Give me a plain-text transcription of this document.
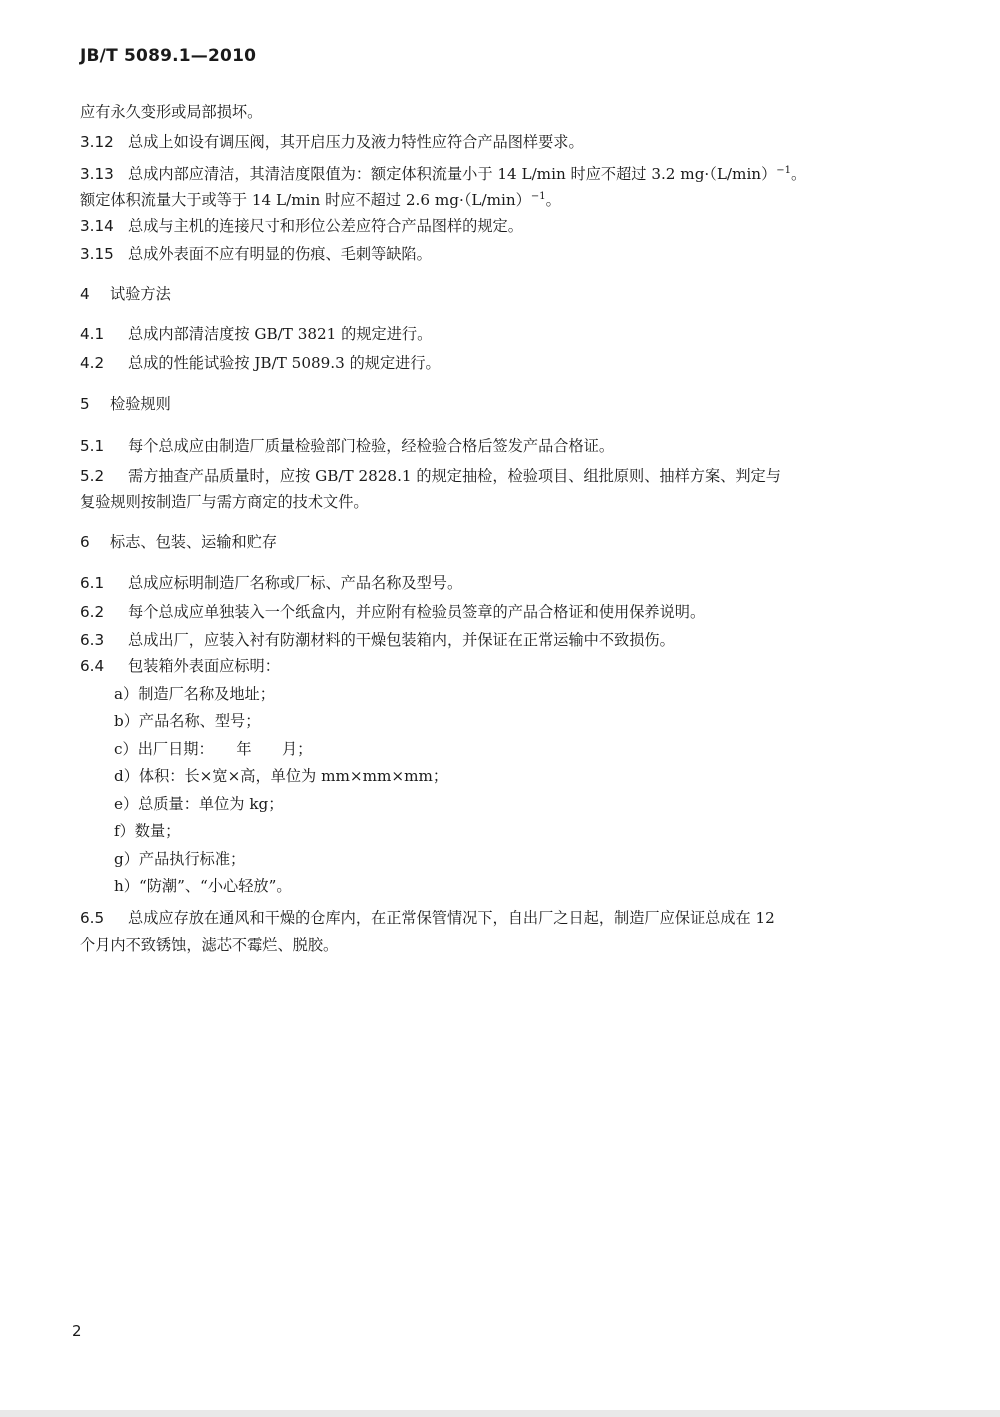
JB/T 5089.1—2010
应有永久变形或局部损坏。
3.12 总成上如设有调压阀，其开启压力及液力特性应符合产品图样要求。
3.13 总成内部应清洁，其清洁度限值为：额定体积流量小于 14 L/min 时应不超过 3.2 $mg\cdot(L/\min)^{-1}$。
额定体积流量大于或等于 14 L/min 时应不超过 2.6 $mg\cdot(L/\min)^{-1}$。
3.14 总成与主机的连接尺寸和形位公差应符合产品图样的规定。
3.15 总成外表面不应有明显的伤痕、毛刺等缺陷。
4 试验方法
4.1 总成内部清洁度按 GB/T 3821 的规定进行。
4.2 总成的性能试验按 JB/T 5089.3 的规定进行。
5 检验规则
5.1 每个总成应由制造厂质量检验部门检验，经检验合格后签发产品合格证。
5.2 需方抽查产品质量时，应按 GB/T 2828.1 的规定抽检，检验项目、组批原则、抽样方案、判定与
复验规则按制造厂与需方商定的技术文件。
6 标志、包装、运输和贮存
6.1 总成应标明制造厂名称或厂标、产品名称及型号。
6.2 每个总成应单独装入一个纸盒内，并应附有检验员签章的产品合格证和使用保养说明。
6.3 总成出厂，应装入衬有防潮材料的干燥包装箱内，并保证在正常运输中不致损伤。
6.4 包装箱外表面应标明：
a）制造厂名称及地址；
b）产品名称、型号；
c）出厂日期：　　年　　月；
d）体积：长×宽×高，单位为 mm×mm×mm；
e）总质量：单位为 kg；
f）数量；
g）产品执行标准；
h）“防潮”、“小心轻放”。
6.5 总成应存放在通风和干燥的仓库内，在正常保管情况下，自出厂之日起，制造厂应保证总成在 12
个月内不致锈蚀，滤芯不霉烂、脱胶。
2
